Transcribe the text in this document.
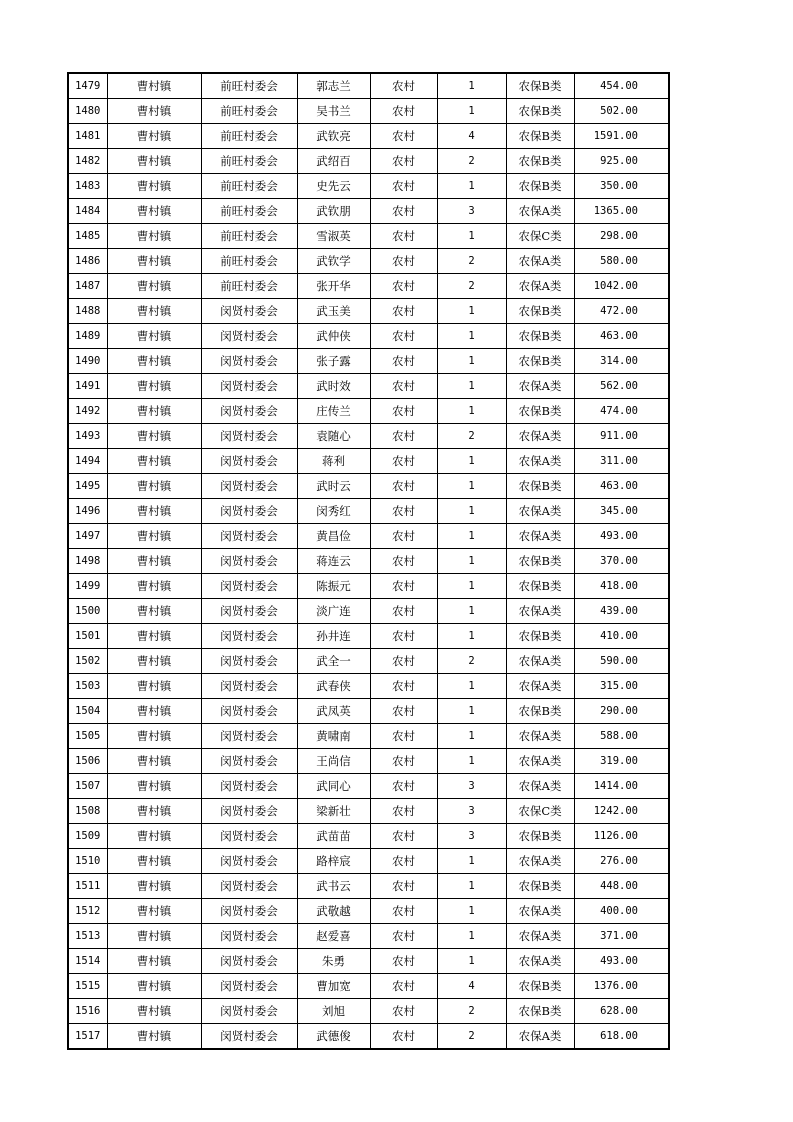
1479	曹村镇	前旺村委会	郭志兰	农村	1	农保B类	454.00
1480	曹村镇	前旺村委会	吴书兰	农村	1	农保B类	502.00
1481	曹村镇	前旺村委会	武钦亮	农村	4	农保B类	1591.00
1482	曹村镇	前旺村委会	武绍百	农村	2	农保B类	925.00
1483	曹村镇	前旺村委会	史先云	农村	1	农保B类	350.00
1484	曹村镇	前旺村委会	武钦朋	农村	3	农保A类	1365.00
1485	曹村镇	前旺村委会	雪淑英	农村	1	农保C类	298.00
1486	曹村镇	前旺村委会	武钦学	农村	2	农保A类	580.00
1487	曹村镇	前旺村委会	张开华	农村	2	农保A类	1042.00
1488	曹村镇	闵贤村委会	武玉美	农村	1	农保B类	472.00
1489	曹村镇	闵贤村委会	武仲侠	农村	1	农保B类	463.00
1490	曹村镇	闵贤村委会	张子露	农村	1	农保B类	314.00
1491	曹村镇	闵贤村委会	武时效	农村	1	农保A类	562.00
1492	曹村镇	闵贤村委会	庄传兰	农村	1	农保B类	474.00
1493	曹村镇	闵贤村委会	袁随心	农村	2	农保A类	911.00
1494	曹村镇	闵贤村委会	蒋利	农村	1	农保A类	311.00
1495	曹村镇	闵贤村委会	武时云	农村	1	农保B类	463.00
1496	曹村镇	闵贤村委会	闵秀红	农村	1	农保A类	345.00
1497	曹村镇	闵贤村委会	黄昌俭	农村	1	农保A类	493.00
1498	曹村镇	闵贤村委会	蒋连云	农村	1	农保B类	370.00
1499	曹村镇	闵贤村委会	陈振元	农村	1	农保B类	418.00
1500	曹村镇	闵贤村委会	淡广连	农村	1	农保A类	439.00
1501	曹村镇	闵贤村委会	孙井连	农村	1	农保B类	410.00
1502	曹村镇	闵贤村委会	武全一	农村	2	农保A类	590.00
1503	曹村镇	闵贤村委会	武春侠	农村	1	农保A类	315.00
1504	曹村镇	闵贤村委会	武凤英	农村	1	农保B类	290.00
1505	曹村镇	闵贤村委会	黄啸南	农村	1	农保A类	588.00
1506	曹村镇	闵贤村委会	王尚信	农村	1	农保A类	319.00
1507	曹村镇	闵贤村委会	武同心	农村	3	农保A类	1414.00
1508	曹村镇	闵贤村委会	梁新壮	农村	3	农保C类	1242.00
1509	曹村镇	闵贤村委会	武苗苗	农村	3	农保B类	1126.00
1510	曹村镇	闵贤村委会	路梓宸	农村	1	农保A类	276.00
1511	曹村镇	闵贤村委会	武书云	农村	1	农保B类	448.00
1512	曹村镇	闵贤村委会	武敬越	农村	1	农保A类	400.00
1513	曹村镇	闵贤村委会	赵爱喜	农村	1	农保A类	371.00
1514	曹村镇	闵贤村委会	朱勇	农村	1	农保A类	493.00
1515	曹村镇	闵贤村委会	曹加宽	农村	4	农保B类	1376.00
1516	曹村镇	闵贤村委会	刘旭	农村	2	农保B类	628.00
1517	曹村镇	闵贤村委会	武德俊	农村	2	农保A类	618.00
